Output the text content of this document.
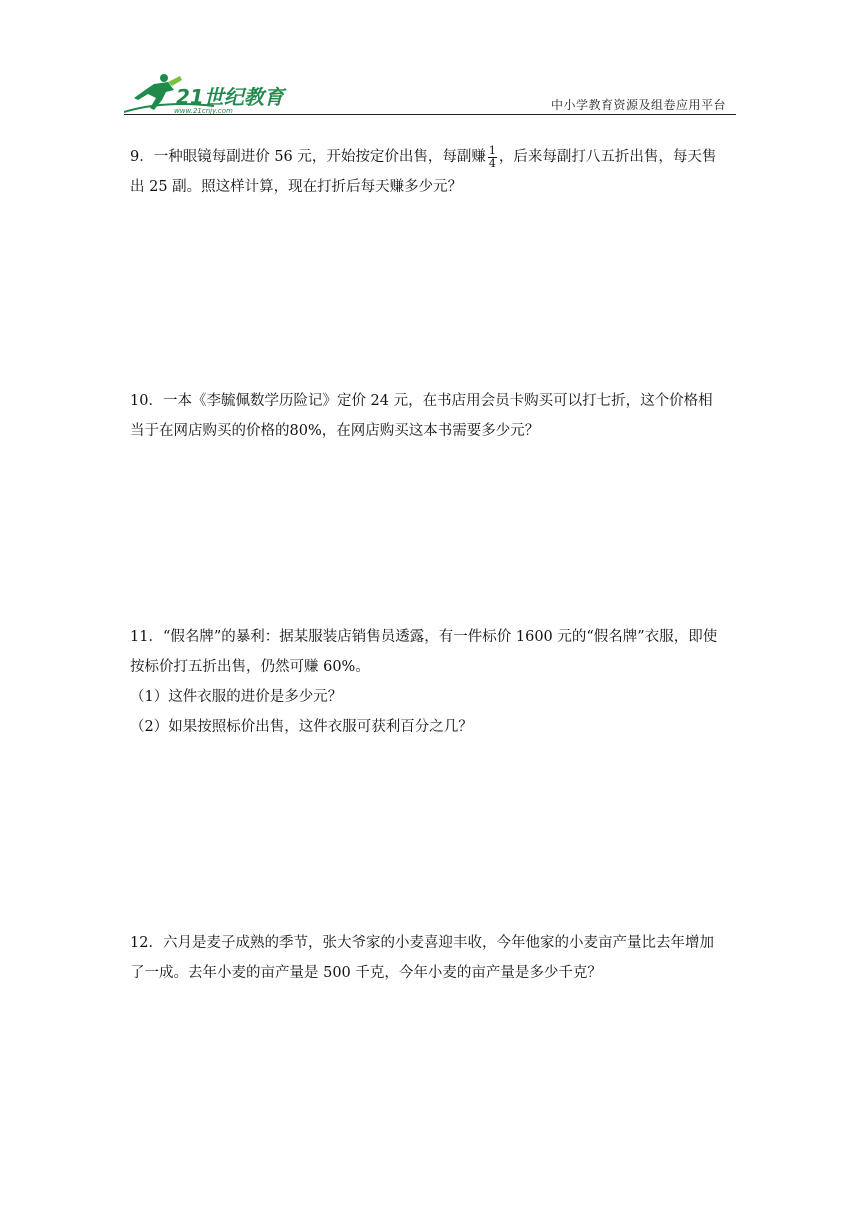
21世纪教育
www.21cnjy.com	中小学教育资源及组卷应用平台

9．一种眼镜每副进价 56 元，开始按定价出售，每副赚 $\frac{1}{4}$ ，后来每副打八五折出售，每天售

出 25 副。照这样计算，现在打折后每天赚多少元？

10．一本《李毓佩数学历险记》定价 24 元，在书店用会员卡购买可以打七折，这个价格相

当于在网店购买的价格的80%，在网店购买这本书需要多少元？

11．“假名牌”的暴利：据某服装店销售员透露，有一件标价 1600 元的“假名牌”衣服，即使

按标价打五折出售，仍然可赚 60%。

（1）这件衣服的进价是多少元？

（2）如果按照标价出售，这件衣服可获利百分之几？

12．六月是麦子成熟的季节，张大爷家的小麦喜迎丰收，今年他家的小麦亩产量比去年增加

了一成。去年小麦的亩产量是 500 千克，今年小麦的亩产量是多少千克？
